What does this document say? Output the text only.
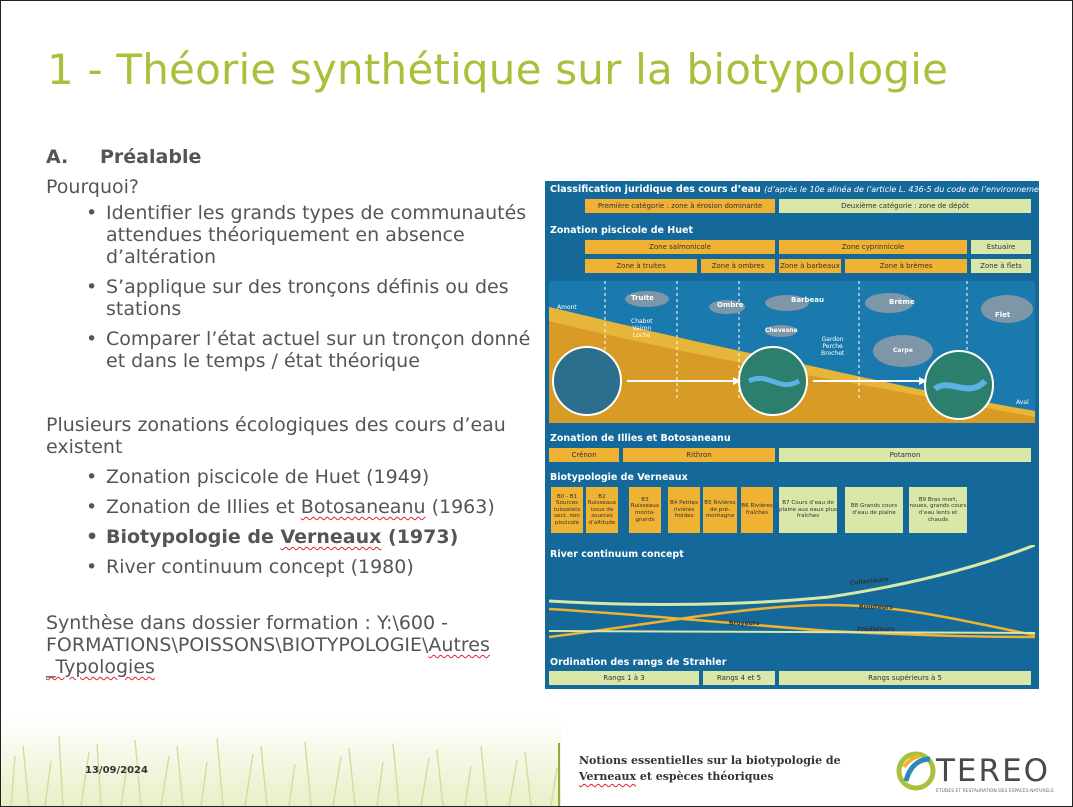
1 - Théorie synthétique sur la biotypologie
A. Préalable

Pourquoi?

• Identifier les grands types de communautés attendues théoriquement en absence d’altération
• S’applique sur des tronçons définis ou des stations
• Comparer l’état actuel sur un tronçon donné et dans le temps / état théorique

Plusieurs zonations écologiques des cours d’eau existent

• Zonation piscicole de Huet (1949)
• Zonation de Illies et Botosaneanu (1963)
• Biotypologie de Verneaux (1973)
• River continuum concept (1980)

Synthèse dans dossier formation : Y:\600 -
FORMATIONS\POISSONS\BIOTYPOLOGIE\Autres
_Typologies

Classification juridique des cours d’eau (d’après le 10e alinéa de l’article L. 436-5 du code de l’environnement)
Première catégorie : zone à érosion dominante	Deuxième catégorie : zone de dépôt
Zonation piscicole de Huet
Zone salmonicole	Zone cyprinnicole	Estuaire
Zone à truites	Zone à ombres	Zone à barbeaux	Zone à brèmes	Zone à flets
Truite
Ombre
Barbeau	Brème
Flet
Chevesne
Carpe
Chabot
Vairon
Loche
Gardon
Perche
Brochet
Amont
Aval
Zonation de Illies et Botosaneanu
Crénon	Rithron	Potamon
Biotypologie de Verneaux
B0 - B1 Sources ruisselets sect. non piscicole
B2 Ruisseaux issus de sources d’altitude
B3 Ruisseaux monta-gnards
B4 Petites rivières froides
B5 Rivières de pré-montagne
B6 Rivières fraîches
B7 Cours d’eau de plaine aux eaux plus fraîches
B8 Grands cours d’eau de plaine
B9 Bras mort, noues, grands cours d’eau lents et chauds
River continuum concept
Collecteurs
Brouteurs
Broyeurs
Prédateurs
Ordination des rangs de Strahler
Rangs 1 à 3	Rangs 4 et 5	Rangs supérieurs à 5
13/09/2024
Notions essentielles sur la biotypologie de
Verneaux et espèces théoriques	TEREO
ÉTUDES ET RESTAURATION DES ESPACES NATURELS
